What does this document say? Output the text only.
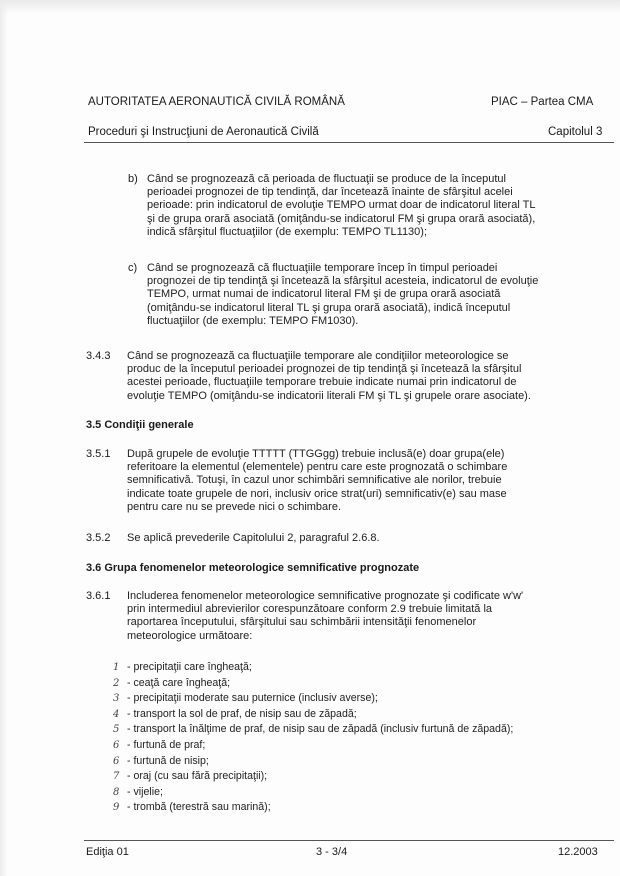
AUTORITATEA AERONAUTICĂ CIVILĂ ROMÂNĂ	PIAC – Partea CMA
Proceduri şi Instrucţiuni de Aeronautică Civilă	Capitolul 3
b) Când se prognozează că perioada de fluctuaţii se produce de la începutul
perioadei prognozei de tip tendinţă, dar încetează înainte de sfârşitul acelei
perioade: prin indicatorul de evoluţie TEMPO urmat doar de indicatorul literal TL
şi de grupa orară asociată (omiţându-se indicatorul FM şi grupa orară asociată),
indică sfârşitul fluctuaţiilor (de exemplu: TEMPO TL1130);
c) Când se prognozează că fluctuaţiile temporare încep în timpul perioadei
prognozei de tip tendinţă şi încetează la sfârşitul acesteia, indicatorul de evoluţie
TEMPO, urmat numai de indicatorul literal FM şi de grupa orară asociată
(omiţându-se indicatorul literal TL şi grupa orară asociată), indică începutul
fluctuaţiilor (de exemplu: TEMPO FM1030).
3.4.3 Când se prognozează ca fluctuaţiile temporare ale condiţiilor meteorologice se
produc de la începutul perioadei prognozei de tip tendinţă şi încetează la sfârşitul
acestei perioade, fluctuaţiile temporare trebuie indicate numai prin indicatorul de
evoluţie TEMPO (omiţându-se indicatorii literali FM şi TL şi grupele orare asociate).
3.5 Condiţii generale
3.5.1 După grupele de evoluţie TTTTT (TTGGgg) trebuie inclusă(e) doar grupa(ele)
referitoare la elementul (elementele) pentru care este prognozată o schimbare
semnificativă. Totuşi, în cazul unor schimbări semnificative ale norilor, trebuie
indicate toate grupele de nori, inclusiv orice strat(uri) semnificativ(e) sau mase
pentru care nu se prevede nici o schimbare.
3.5.2 Se aplică prevederile Capitolului 2, paragraful 2.6.8.
3.6 Grupa fenomenelor meteorologice semnificative prognozate
3.6.1 Includerea fenomenelor meteorologice semnificative prognozate şi codificate w'w'
prin intermediul abrevierilor corespunzătoare conform 2.9 trebuie limitată la
raportarea începutului, sfârşitului sau schimbării intensităţii fenomenelor
meteorologice următoare:
1 - precipitaţii care îngheaţă;
2 - ceaţă care îngheaţă;
3 - precipitaţii moderate sau puternice (inclusiv averse);
4 - transport la sol de praf, de nisip sau de zăpadă;
5 - transport la înălţime de praf, de nisip sau de zăpadă (inclusiv furtună de zăpadă);
6 - furtună de praf;
6 - furtună de nisip;
7 - oraj (cu sau fără precipitaţii);
8 - vijelie;
9 - trombă (terestră sau marină);
Ediţia 01	3 - 3/4	12.2003
